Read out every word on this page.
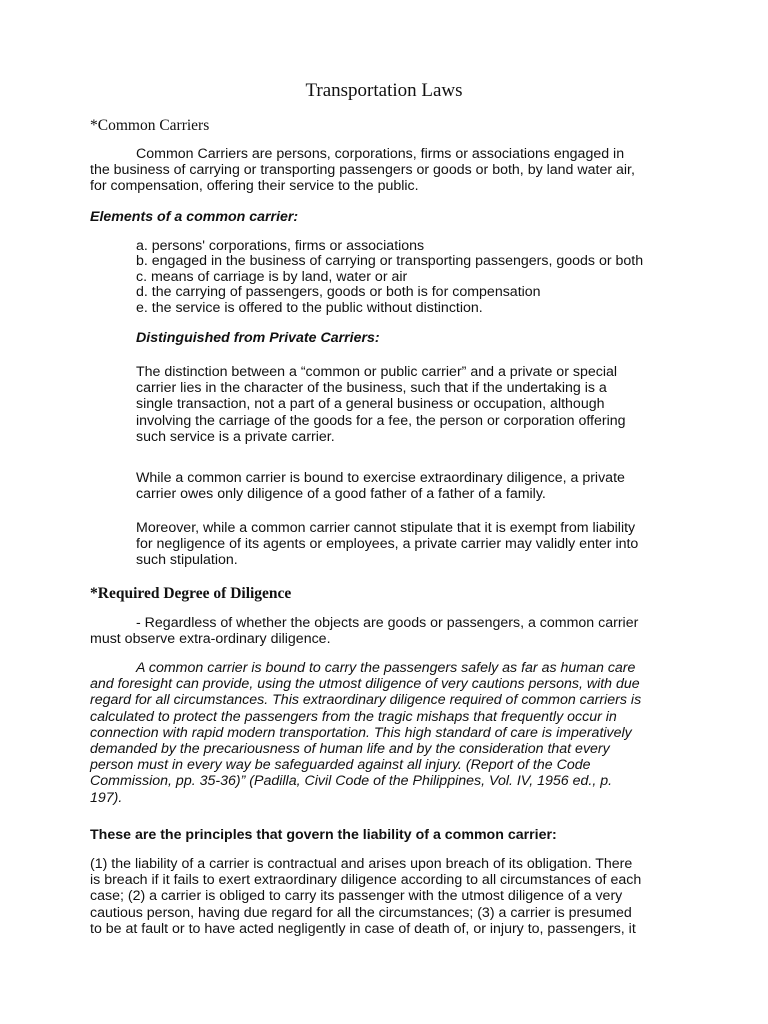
Transportation Laws
*Common Carriers

Common Carriers are persons, corporations, firms or associations engaged in
the business of carrying or transporting passengers or goods or both, by land water air,
for compensation, offering their service to the public.

Elements of a common carrier:
a. persons' corporations, firms or associations
b. engaged in the business of carrying or transporting passengers, goods or both
c. means of carriage is by land, water or air
d. the carrying of passengers, goods or both is for compensation
e. the service is offered to the public without distinction.
Distinguished from Private Carriers:

The distinction between a “common or public carrier” and a private or special
carrier lies in the character of the business, such that if the undertaking is a
single transaction, not a part of a general business or occupation, although
involving the carriage of the goods for a fee, the person or corporation offering
such service is a private carrier.

While a common carrier is bound to exercise extraordinary diligence, a private
carrier owes only diligence of a good father of a father of a family.

Moreover, while a common carrier cannot stipulate that it is exempt from liability
for negligence of its agents or employees, a private carrier may validly enter into
such stipulation.

*Required Degree of Diligence

- Regardless of whether the objects are goods or passengers, a common carrier
must observe extra-ordinary diligence.

A common carrier is bound to carry the passengers safely as far as human care
and foresight can provide, using the utmost diligence of very cautions persons, with due
regard for all circumstances. This extraordinary diligence required of common carriers is
calculated to protect the passengers from the tragic mishaps that frequently occur in
connection with rapid modern transportation. This high standard of care is imperatively
demanded by the precariousness of human life and by the consideration that every
person must in every way be safeguarded against all injury. (Report of the Code
Commission, pp. 35-36)” (Padilla, Civil Code of the Philippines, Vol. IV, 1956 ed., p.
197).

These are the principles that govern the liability of a common carrier:

(1) the liability of a carrier is contractual and arises upon breach of its obligation. There
is breach if it fails to exert extraordinary diligence according to all circumstances of each
case; (2) a carrier is obliged to carry its passenger with the utmost diligence of a very
cautious person, having due regard for all the circumstances; (3) a carrier is presumed
to be at fault or to have acted negligently in case of death of, or injury to, passengers, it
